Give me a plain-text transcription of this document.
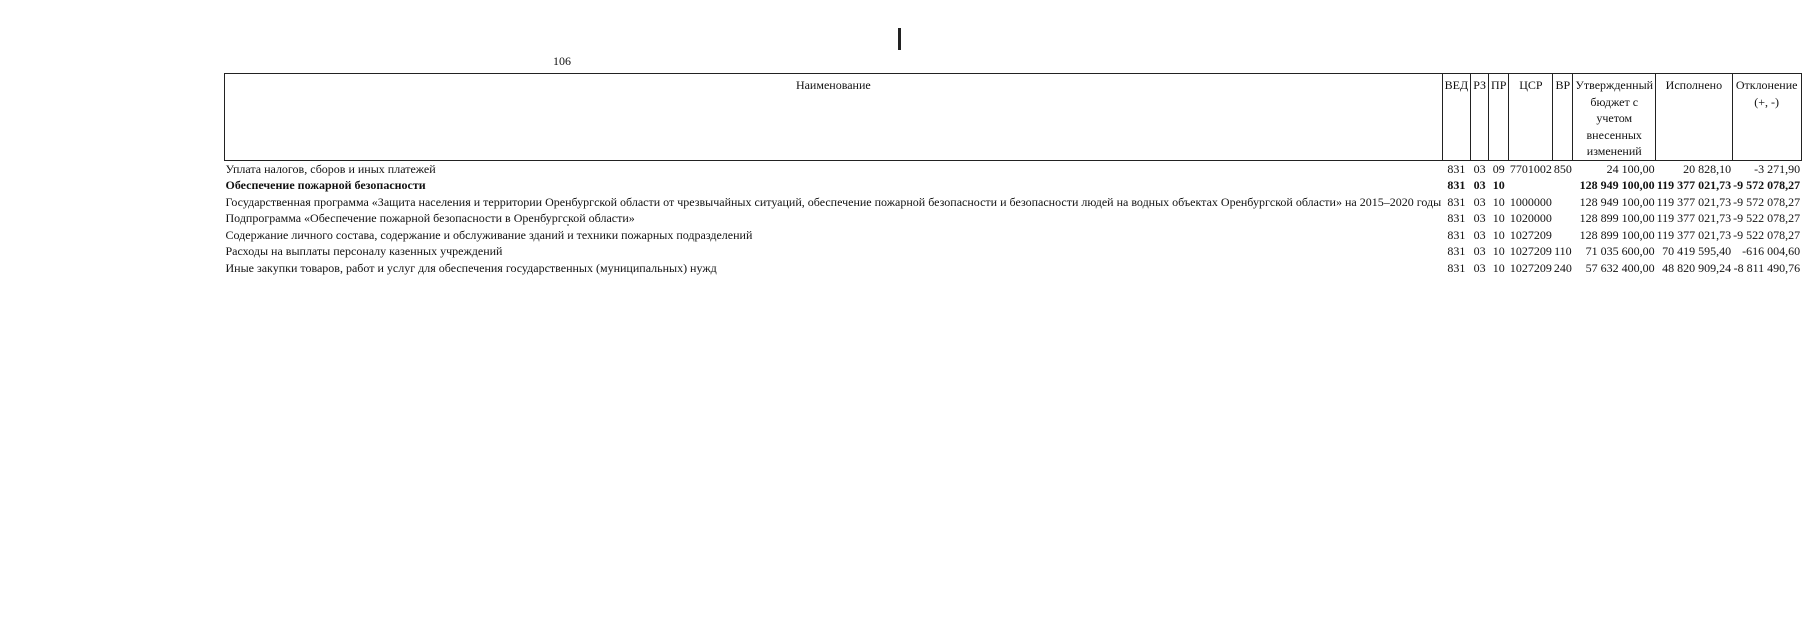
106
Наименование	ВЕД	РЗ	ПР	ЦСР	ВР	Утвержденный бюджет с учетом внесенных изменений	Исполнено	Отклонение (+, -)
Уплата налогов, сборов и иных платежей	831	03	09	7701002	850	24 100,00	20 828,10	-3 271,90
Обеспечение пожарной безопасности	831	03	10			128 949 100,00	119 377 021,73	-9 572 078,27
Государственная программа «Защита населения и территории Оренбургской области от чрезвычайных ситуаций, обеспечение пожарной безопасности и безопасности людей на водных объектах Оренбургской области» на 2015–2020 годы	831	03	10	1000000		128 949 100,00	119 377 021,73	-9 572 078,27
Подпрограмма «Обеспечение пожарной безопасности в Оренбургской области»	831	03	10	1020000		128 899 100,00	119 377 021,73	-9 522 078,27
Содержание личного состава, содержание и обслуживание зданий и техники пожарных подразделений	831	03	10	1027209		128 899 100,00	119 377 021,73	-9 522 078,27
Расходы на выплаты персоналу казенных учреждений	831	03	10	1027209	110	71 035 600,00	70 419 595,40	-616 004,60
Иные закупки товаров, работ и услуг для обеспечения государственных (муниципальных) нужд	831	03	10	1027209	240	57 632 400,00	48 820 909,24	-8 811 490,76
